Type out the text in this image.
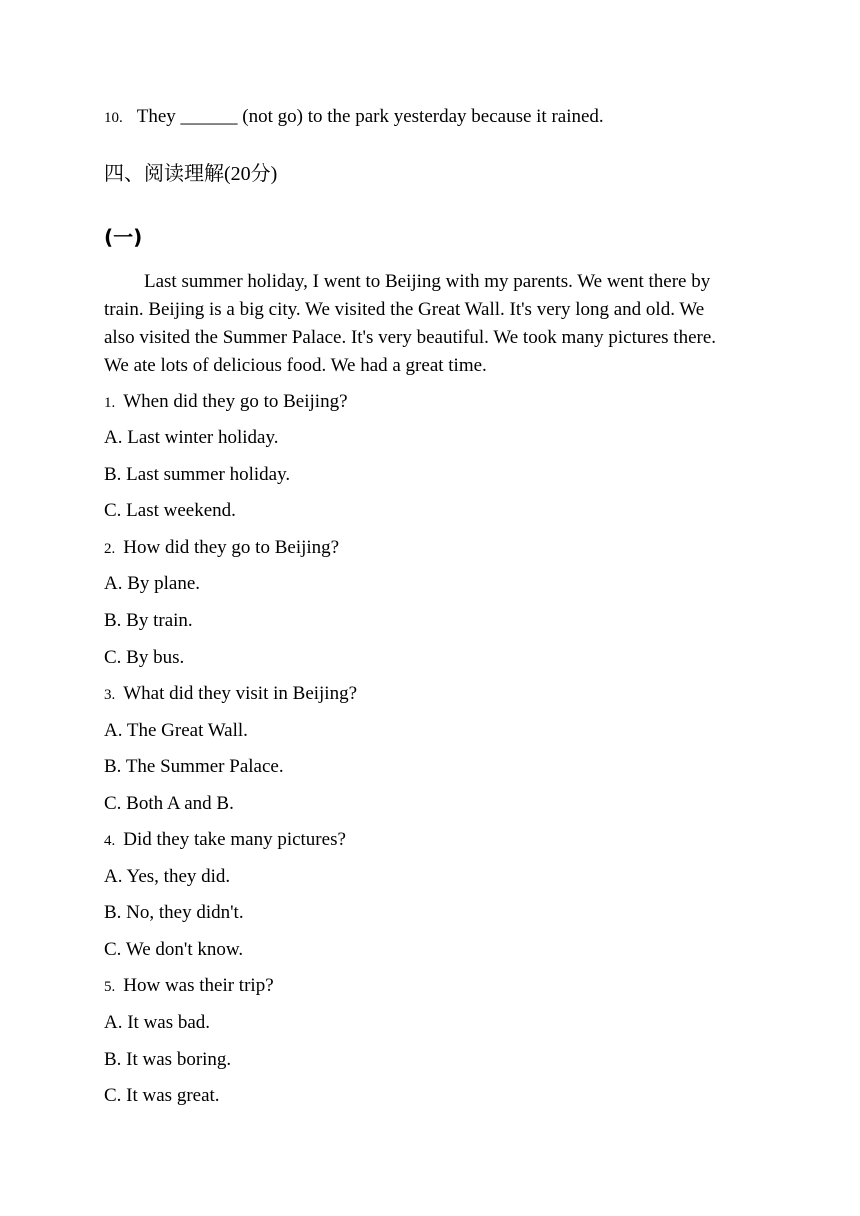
10. They ______ (not go) to the park yesterday because it rained.
四、阅读理解(20分)
(一)
Last summer holiday, I went to Beijing with my parents. We went there by
train. Beijing is a big city. We visited the Great Wall. It's very long and old. We
also visited the Summer Palace. It's very beautiful. We took many pictures there.
We ate lots of delicious food. We had a great time.
1. When did they go to Beijing?
A. Last winter holiday.
B. Last summer holiday.
C. Last weekend.
2. How did they go to Beijing?
A. By plane.
B. By train.
C. By bus.
3. What did they visit in Beijing?
A. The Great Wall.
B. The Summer Palace.
C. Both A and B.
4. Did they take many pictures?
A. Yes, they did.
B. No, they didn't.
C. We don't know.
5. How was their trip?
A. It was bad.
B. It was boring.
C. It was great.
